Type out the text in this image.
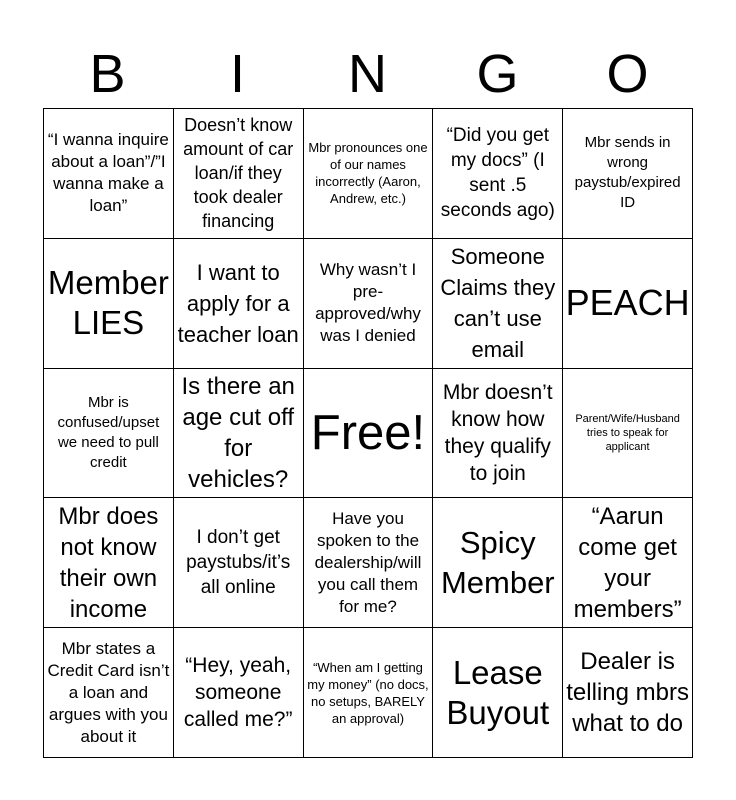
B	I	N	G	O
“I wanna inquire about a loan”/”I wanna make a loan”
Doesn’t know amount of car loan/if they took dealer financing
Mbr pronounces one of our names incorrectly (Aaron, Andrew, etc.)
“Did you get my docs” (I sent .5 seconds ago)
Mbr sends in wrong paystub/expired ID
Member LIES
I want to apply for a teacher loan
Why wasn’t I pre-approved/why was I denied
Someone Claims they can’t use email
PEACH
Mbr is confused/upset we need to pull credit
Is there an age cut off for vehicles?
Free!
Mbr doesn’t know how they qualify to join
Parent/Wife/Husband tries to speak for applicant
Mbr does not know their own income
I don’t get paystubs/it’s all online
Have you spoken to the dealership/will you call them for me?
Spicy Member
“Aarun come get your members”
Mbr states a Credit Card isn’t a loan and argues with you about it
“Hey, yeah, someone called me?”
“When am I getting my money” (no docs, no setups, BARELY an approval)
Lease Buyout
Dealer is telling mbrs what to do
